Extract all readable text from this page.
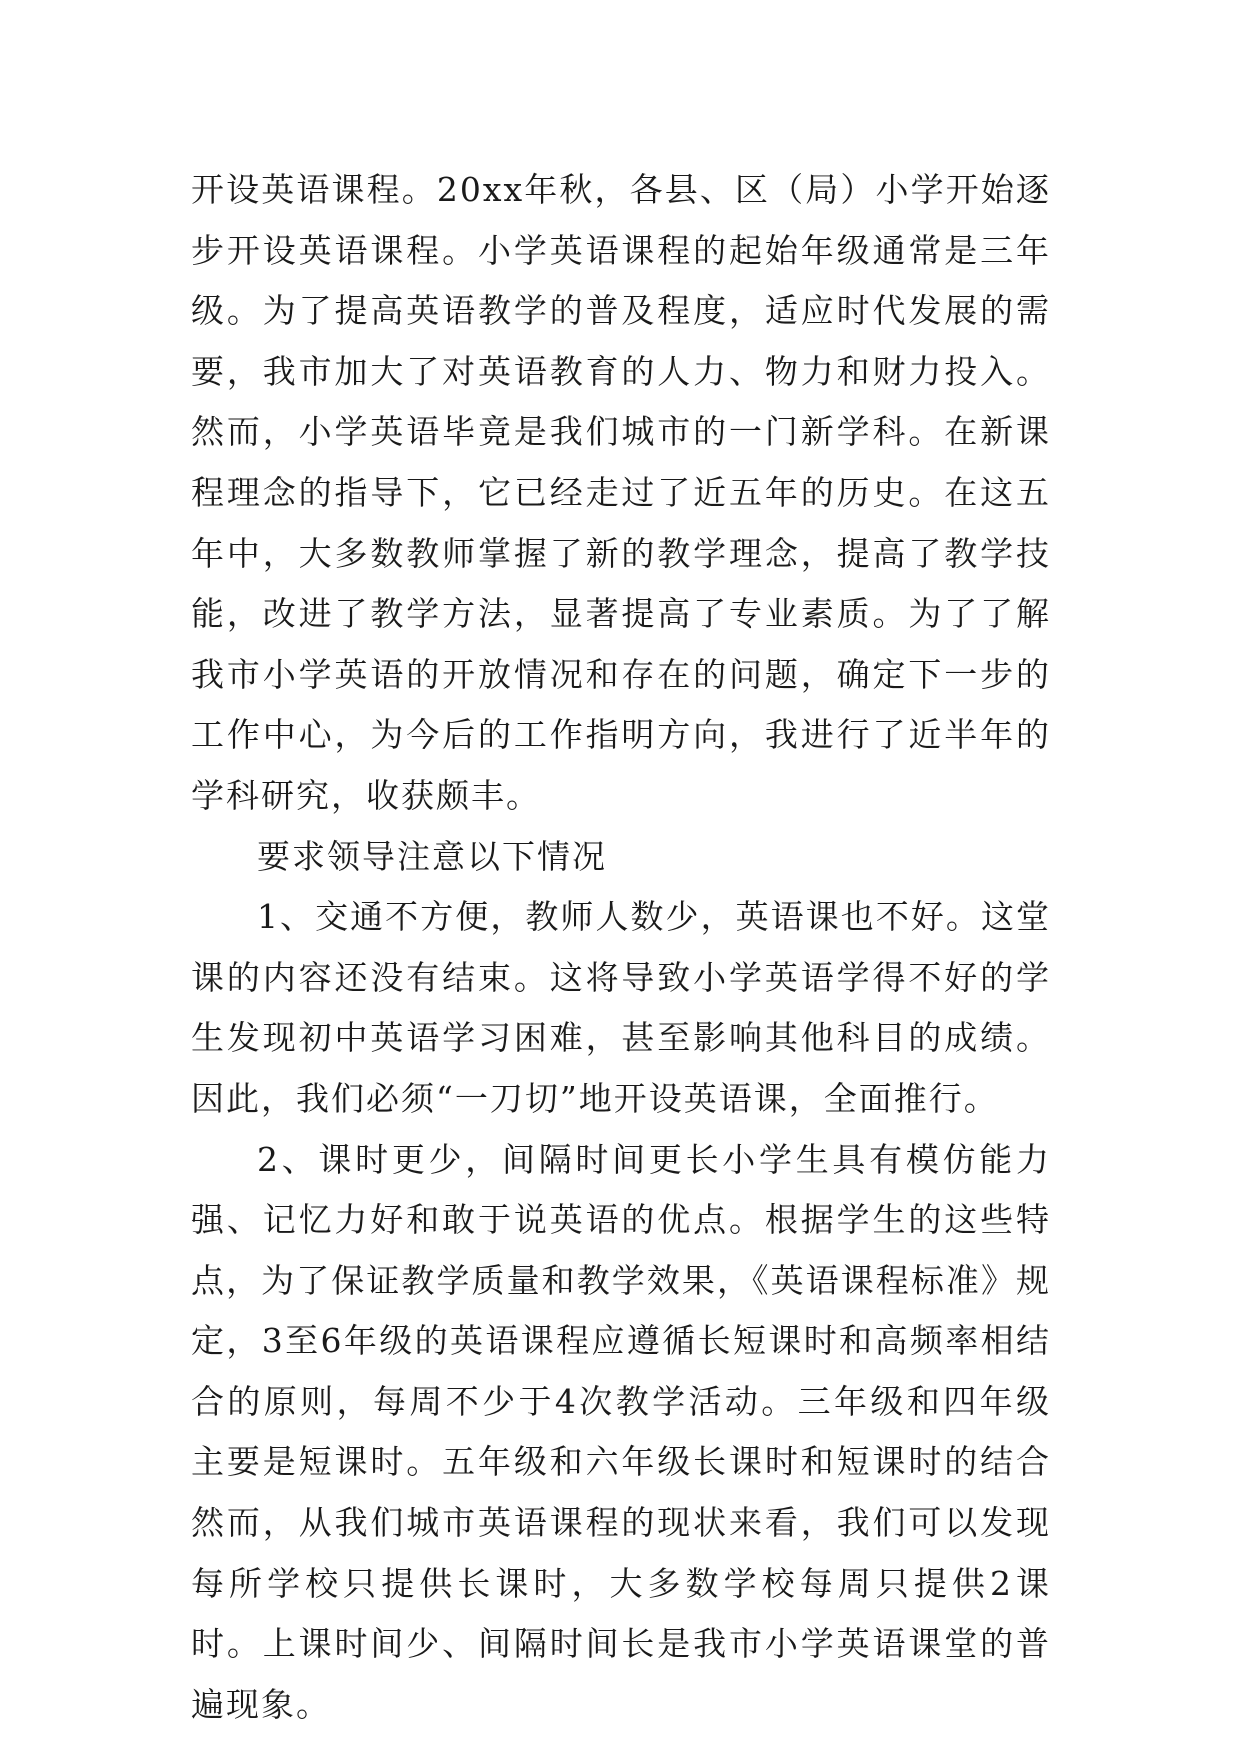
开设英语课程。20xx年秋，各县、区（局）小学开始逐步开设英语课程。小学英语课程的起始年级通常是三年级。为了提高英语教学的普及程度，适应时代发展的需要，我市加大了对英语教育的人力、物力和财力投入。然而，小学英语毕竟是我们城市的一门新学科。在新课程理念的指导下，它已经走过了近五年的历史。在这五年中，大多数教师掌握了新的教学理念，提高了教学技能，改进了教学方法，显著提高了专业素质。为了了解我市小学英语的开放情况和存在的问题，确定下一步的工作中心，为今后的工作指明方向，我进行了近半年的学科研究，收获颇丰。

要求领导注意以下情况

1、交通不方便，教师人数少，英语课也不好。这堂课的内容还没有结束。这将导致小学英语学得不好的学生发现初中英语学习困难，甚至影响其他科目的成绩。因此，我们必须“一刀切”地开设英语课，全面推行。

2、课时更少，间隔时间更长小学生具有模仿能力强、记忆力好和敢于说英语的优点。根据学生的这些特点，为了保证教学质量和教学效果，《英语课程标准》规定，3至6年级的英语课程应遵循长短课时和高频率相结合的原则，每周不少于4次教学活动。三年级和四年级主要是短课时。五年级和六年级长课时和短课时的结合然而，从我们城市英语课程的现状来看，我们可以发现每所学校只提供长课时，大多数学校每周只提供2课时。上课时间少、间隔时间长是我市小学英语课堂的普遍现象。
